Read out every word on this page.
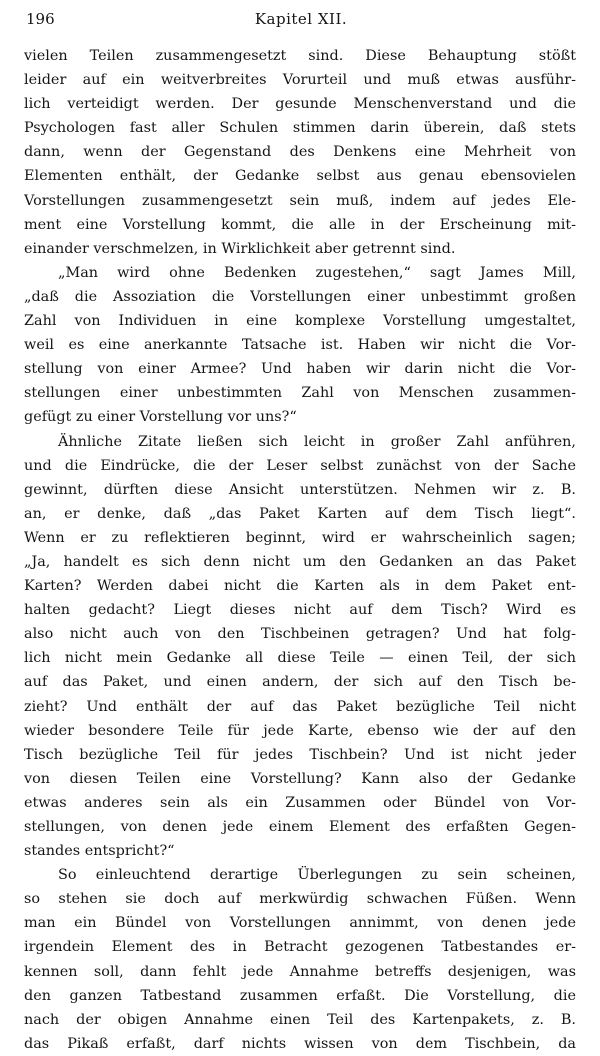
196	Kapitel XII.
vielen Teilen zusammengesetzt sind. Diese Behauptung stößt
leider auf ein weitverbreites Vorurteil und muß etwas ausführ-
lich verteidigt werden. Der gesunde Menschenverstand und die
Psychologen fast aller Schulen stimmen darin überein, daß stets
dann, wenn der Gegenstand des Denkens eine Mehrheit von
Elementen enthält, der Gedanke selbst aus genau ebensovielen
Vorstellungen zusammengesetzt sein muß, indem auf jedes Ele-
ment eine Vorstellung kommt, die alle in der Erscheinung mit-
einander verschmelzen, in Wirklichkeit aber getrennt sind.
„Man wird ohne Bedenken zugestehen,“ sagt James Mill,
„daß die Assoziation die Vorstellungen einer unbestimmt großen
Zahl von Individuen in eine komplexe Vorstellung umgestaltet,
weil es eine anerkannte Tatsache ist. Haben wir nicht die Vor-
stellung von einer Armee? Und haben wir darin nicht die Vor-
stellungen einer unbestimmten Zahl von Menschen zusammen-
gefügt zu einer Vorstellung vor uns?“
Ähnliche Zitate ließen sich leicht in großer Zahl anführen,
und die Eindrücke, die der Leser selbst zunächst von der Sache
gewinnt, dürften diese Ansicht unterstützen. Nehmen wir z. B.
an, er denke, daß „das Paket Karten auf dem Tisch liegt“.
Wenn er zu reflektieren beginnt, wird er wahrscheinlich sagen;
„Ja, handelt es sich denn nicht um den Gedanken an das Paket
Karten? Werden dabei nicht die Karten als in dem Paket ent-
halten gedacht? Liegt dieses nicht auf dem Tisch? Wird es
also nicht auch von den Tischbeinen getragen? Und hat folg-
lich nicht mein Gedanke all diese Teile — einen Teil, der sich
auf das Paket, und einen andern, der sich auf den Tisch be-
zieht? Und enthält der auf das Paket bezügliche Teil nicht
wieder besondere Teile für jede Karte, ebenso wie der auf den
Tisch bezügliche Teil für jedes Tischbein? Und ist nicht jeder
von diesen Teilen eine Vorstellung? Kann also der Gedanke
etwas anderes sein als ein Zusammen oder Bündel von Vor-
stellungen, von denen jede einem Element des erfaßten Gegen-
standes entspricht?“
So einleuchtend derartige Überlegungen zu sein scheinen,
so stehen sie doch auf merkwürdig schwachen Füßen. Wenn
man ein Bündel von Vorstellungen annimmt, von denen jede
irgendein Element des in Betracht gezogenen Tatbestandes er-
kennen soll, dann fehlt jede Annahme betreffs desjenigen, was
den ganzen Tatbestand zusammen erfaßt. Die Vorstellung, die
nach der obigen Annahme einen Teil des Kartenpakets, z. B.
das Pikaß erfaßt, darf nichts wissen von dem Tischbein, da
